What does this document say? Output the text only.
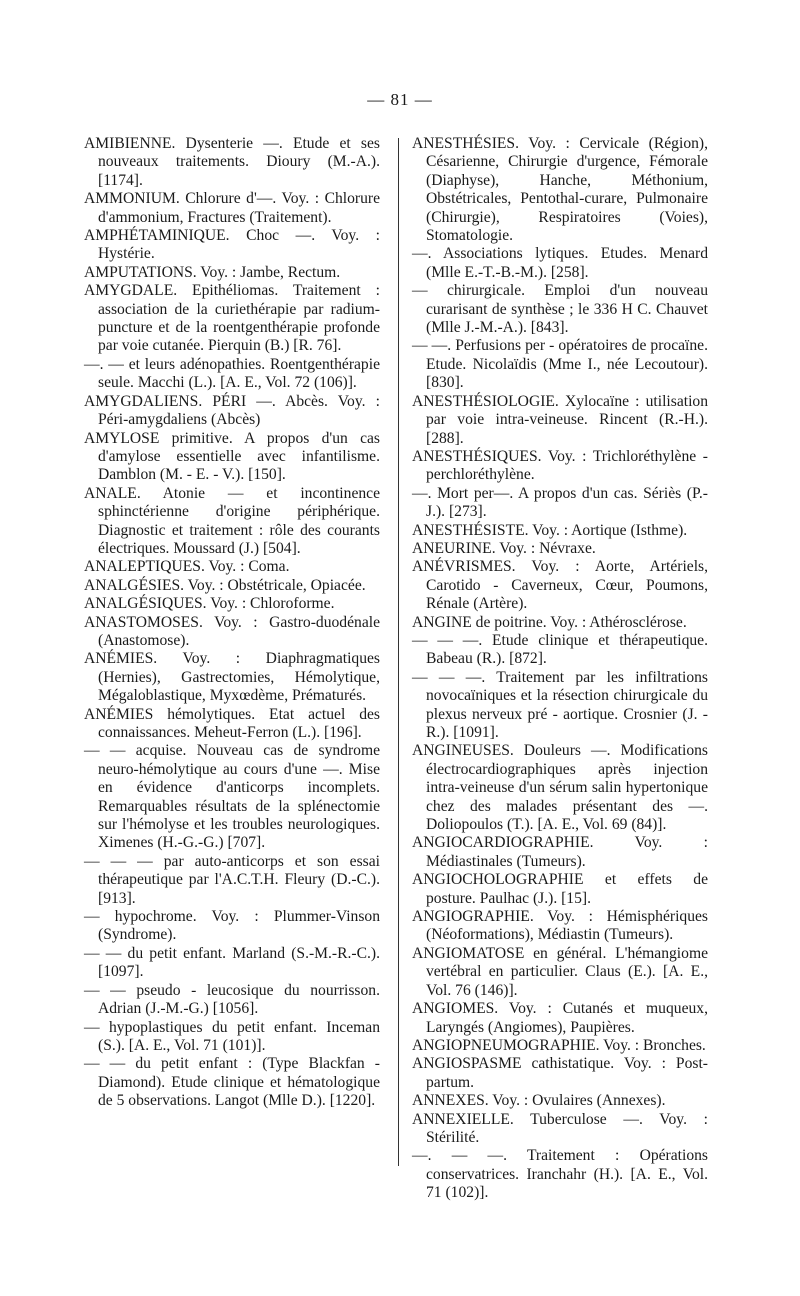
— 81 —

AMIBIENNE. Dysenterie —. Etude et ses nouveaux traitements. Dioury (M.-A.). [1174].

AMMONIUM. Chlorure d'—. Voy. : Chlorure d'ammonium, Fractures (Traitement).

AMPHÉTAMINIQUE. Choc —. Voy. : Hystérie.

AMPUTATIONS. Voy. : Jambe, Rectum.

AMYGDALE. Epithéliomas. Traitement : association de la curiethérapie par radium-puncture et de la roentgenthérapie profonde par voie cutanée. Pierquin (B.) [R. 76].

—. — et leurs adénopathies. Roentgenthérapie seule. Macchi (L.). [A. E., Vol. 72 (106)].

AMYGDALIENS. PÉRI —. Abcès. Voy. : Péri-amygdaliens (Abcès)

AMYLOSE primitive. A propos d'un cas d'amylose essentielle avec infantilisme. Damblon (M. - E. - V.). [150].

ANALE. Atonie — et incontinence sphinctérienne d'origine périphérique. Diagnostic et traitement : rôle des courants électriques. Moussard (J.) [504].

ANALEPTIQUES. Voy. : Coma.

ANALGÉSIES. Voy. : Obstétricale, Opiacée.

ANALGÉSIQUES. Voy. : Chloroforme.

ANASTOMOSES. Voy. : Gastro-duodénale (Anastomose).

ANÉMIES. Voy. : Diaphragmatiques (Hernies), Gastrectomies, Hémolytique, Mégaloblastique, Myxœdème, Prématurés.

ANÉMIES hémolytiques. Etat actuel des connaissances. Meheut-Ferron (L.). [196].

— — acquise. Nouveau cas de syndrome neuro-hémolytique au cours d'une —. Mise en évidence d'anticorps incomplets. Remarquables résultats de la splénectomie sur l'hémolyse et les troubles neurologiques. Ximenes (H.-G.-G.) [707].

— — — par auto-anticorps et son essai thérapeutique par l'A.C.T.H. Fleury (D.-C.). [913].

— hypochrome. Voy. : Plummer-Vinson (Syndrome).

— — du petit enfant. Marland (S.-M.-R.-C.). [1097].

— — pseudo - leucosique du nourrisson. Adrian (J.-M.-G.) [1056].

— hypoplastiques du petit enfant. Inceman (S.). [A. E., Vol. 71 (101)].

— — du petit enfant : (Type Blackfan - Diamond). Etude clinique et hématologique de 5 observations. Langot (Mlle D.). [1220].

ANESTHÉSIES. Voy. : Cervicale (Région), Césarienne, Chirurgie d'urgence, Fémorale (Diaphyse), Hanche, Méthonium, Obstétricales, Pentothal-curare, Pulmonaire (Chirurgie), Respiratoires (Voies), Stomatologie.

—. Associations lytiques. Etudes. Menard (Mlle E.-T.-B.-M.). [258].

— chirurgicale. Emploi d'un nouveau curarisant de synthèse ; le 336 H C. Chauvet (Mlle J.-M.-A.). [843].

— —. Perfusions per - opératoires de procaïne. Etude. Nicolaïdis (Mme I., née Lecoutour). [830].

ANESTHÉSIOLOGIE. Xylocaïne : utilisation par voie intra-veineuse. Rincent (R.-H.). [288].

ANESTHÉSIQUES. Voy. : Trichloréthylène - perchloréthylène.

—. Mort per—. A propos d'un cas. Sériès (P.-J.). [273].

ANESTHÉSISTE. Voy. : Aortique (Isthme).

ANEURINE. Voy. : Névraxe.

ANÉVRISMES. Voy. : Aorte, Artériels, Carotido - Caverneux, Cœur, Poumons, Rénale (Artère).

ANGINE de poitrine. Voy. : Athérosclérose.

— — —. Etude clinique et thérapeutique. Babeau (R.). [872].

— — —. Traitement par les infiltrations novocaïniques et la résection chirurgicale du plexus nerveux pré - aortique. Crosnier (J. - R.). [1091].

ANGINEUSES. Douleurs —. Modifications électrocardiographiques après injection intra-veineuse d'un sérum salin hypertonique chez des malades présentant des —. Doliopoulos (T.). [A. E., Vol. 69 (84)].

ANGIOCARDIOGRAPHIE. Voy. : Médiastinales (Tumeurs).

ANGIOCHOLOGRAPHIE et effets de posture. Paulhac (J.). [15].

ANGIOGRAPHIE. Voy. : Hémisphériques (Néoformations), Médiastin (Tumeurs).

ANGIOMATOSE en général. L'hémangiome vertébral en particulier. Claus (E.). [A. E., Vol. 76 (146)].

ANGIOMES. Voy. : Cutanés et muqueux, Laryngés (Angiomes), Paupières.

ANGIOPNEUMOGRAPHIE. Voy. : Bronches.

ANGIOSPASME cathistatique. Voy. : Post-partum.

ANNEXES. Voy. : Ovulaires (Annexes).

ANNEXIELLE. Tuberculose —. Voy. : Stérilité.

—. — —. Traitement : Opérations conservatrices. Iranchahr (H.). [A. E., Vol. 71 (102)].
